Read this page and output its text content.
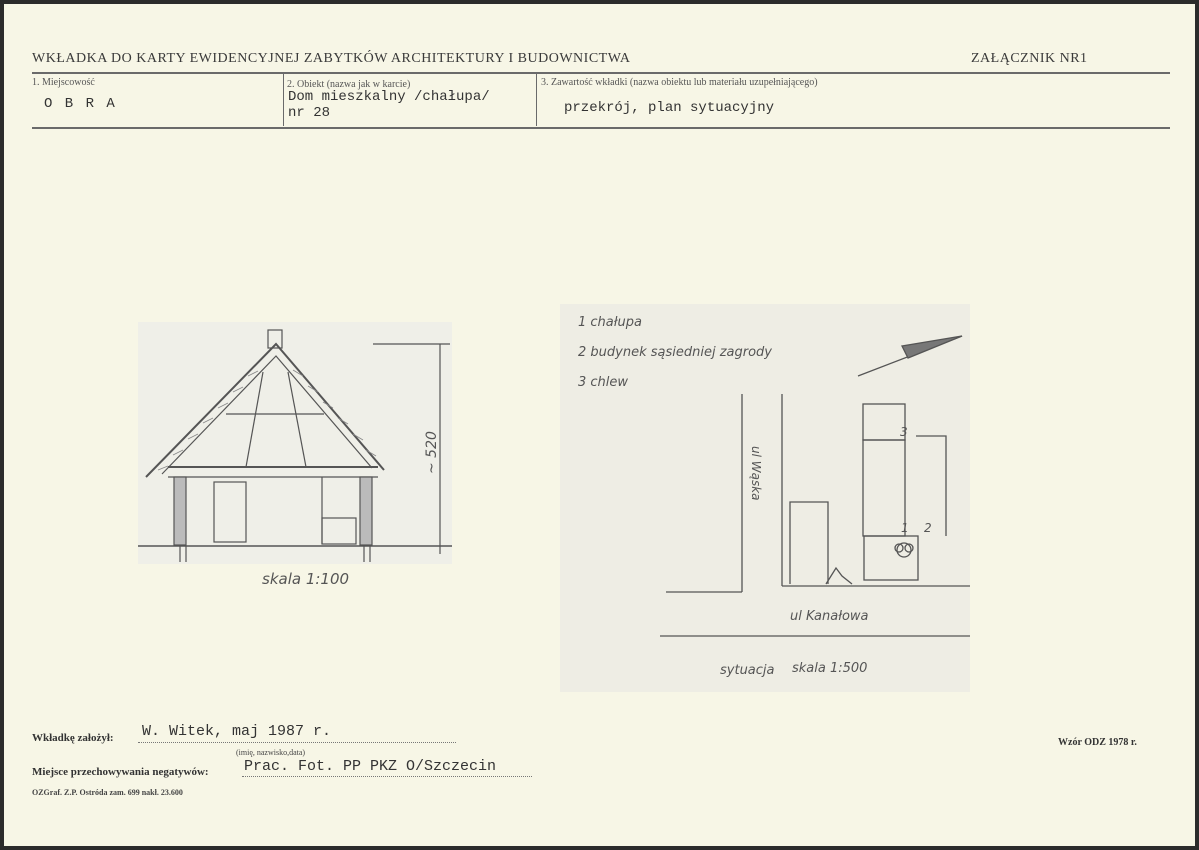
WKŁADKA DO KARTY EWIDENCYJNEJ ZABYTKÓW ARCHITEKTURY I BUDOWNICTWA	ZAŁĄCZNIK NR1
1. Miejscowość
O B R A
2. Obiekt (nazwa jak w karcie)
Dom mieszkalny /chałupa/
nr 28
3. Zawartość wkładki (nazwa obiektu lub materiału uzupełniającego)
przekrój, plan sytuacyjny
~ 520
skala 1:100
1 chałupa
2 budynek sąsiedniej zagrody
3 chlew
ul Wąska
ul Kanałowa
3
1 2
sytuacja skala 1:500
Wkładkę założył: W. Witek, maj 1987 r.
(imię, nazwisko,data)
Miejsce przechowywania negatywów: Prac. Fot. PP PKZ O/Szczecin
OZGraf. Z.P. Ostróda zam. 699 nakł. 23.600
Wzór ODZ 1978 r.
